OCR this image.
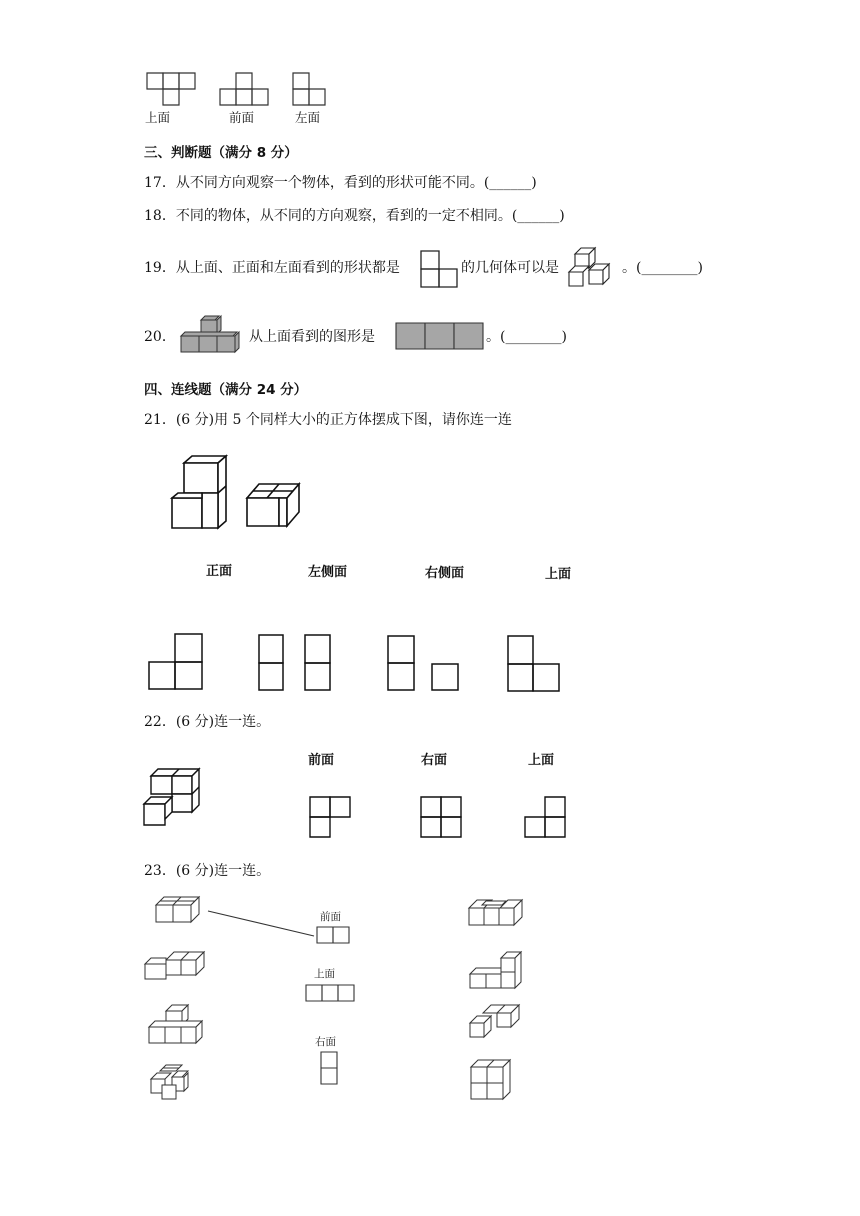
上面	前面	左面
三、判断题（满分 8 分）
17．从不同方向观察一个物体，看到的形状可能不同。(______)
18．不同的物体，从不同的方向观察，看到的一定不相同。(______)
19．从上面、正面和左面看到的形状都是	的几何体可以是	。(________)
20．	从上面看到的图形是	。(________)
四、连线题（满分 24 分）
21．(6 分)用 5 个同样大小的正方体摆成下图，请你连一连
正面	左侧面	右侧面	上面
22．(6 分)连一连。
前面	右面	上面
23．(6 分)连一连。
前面
上面
右面
